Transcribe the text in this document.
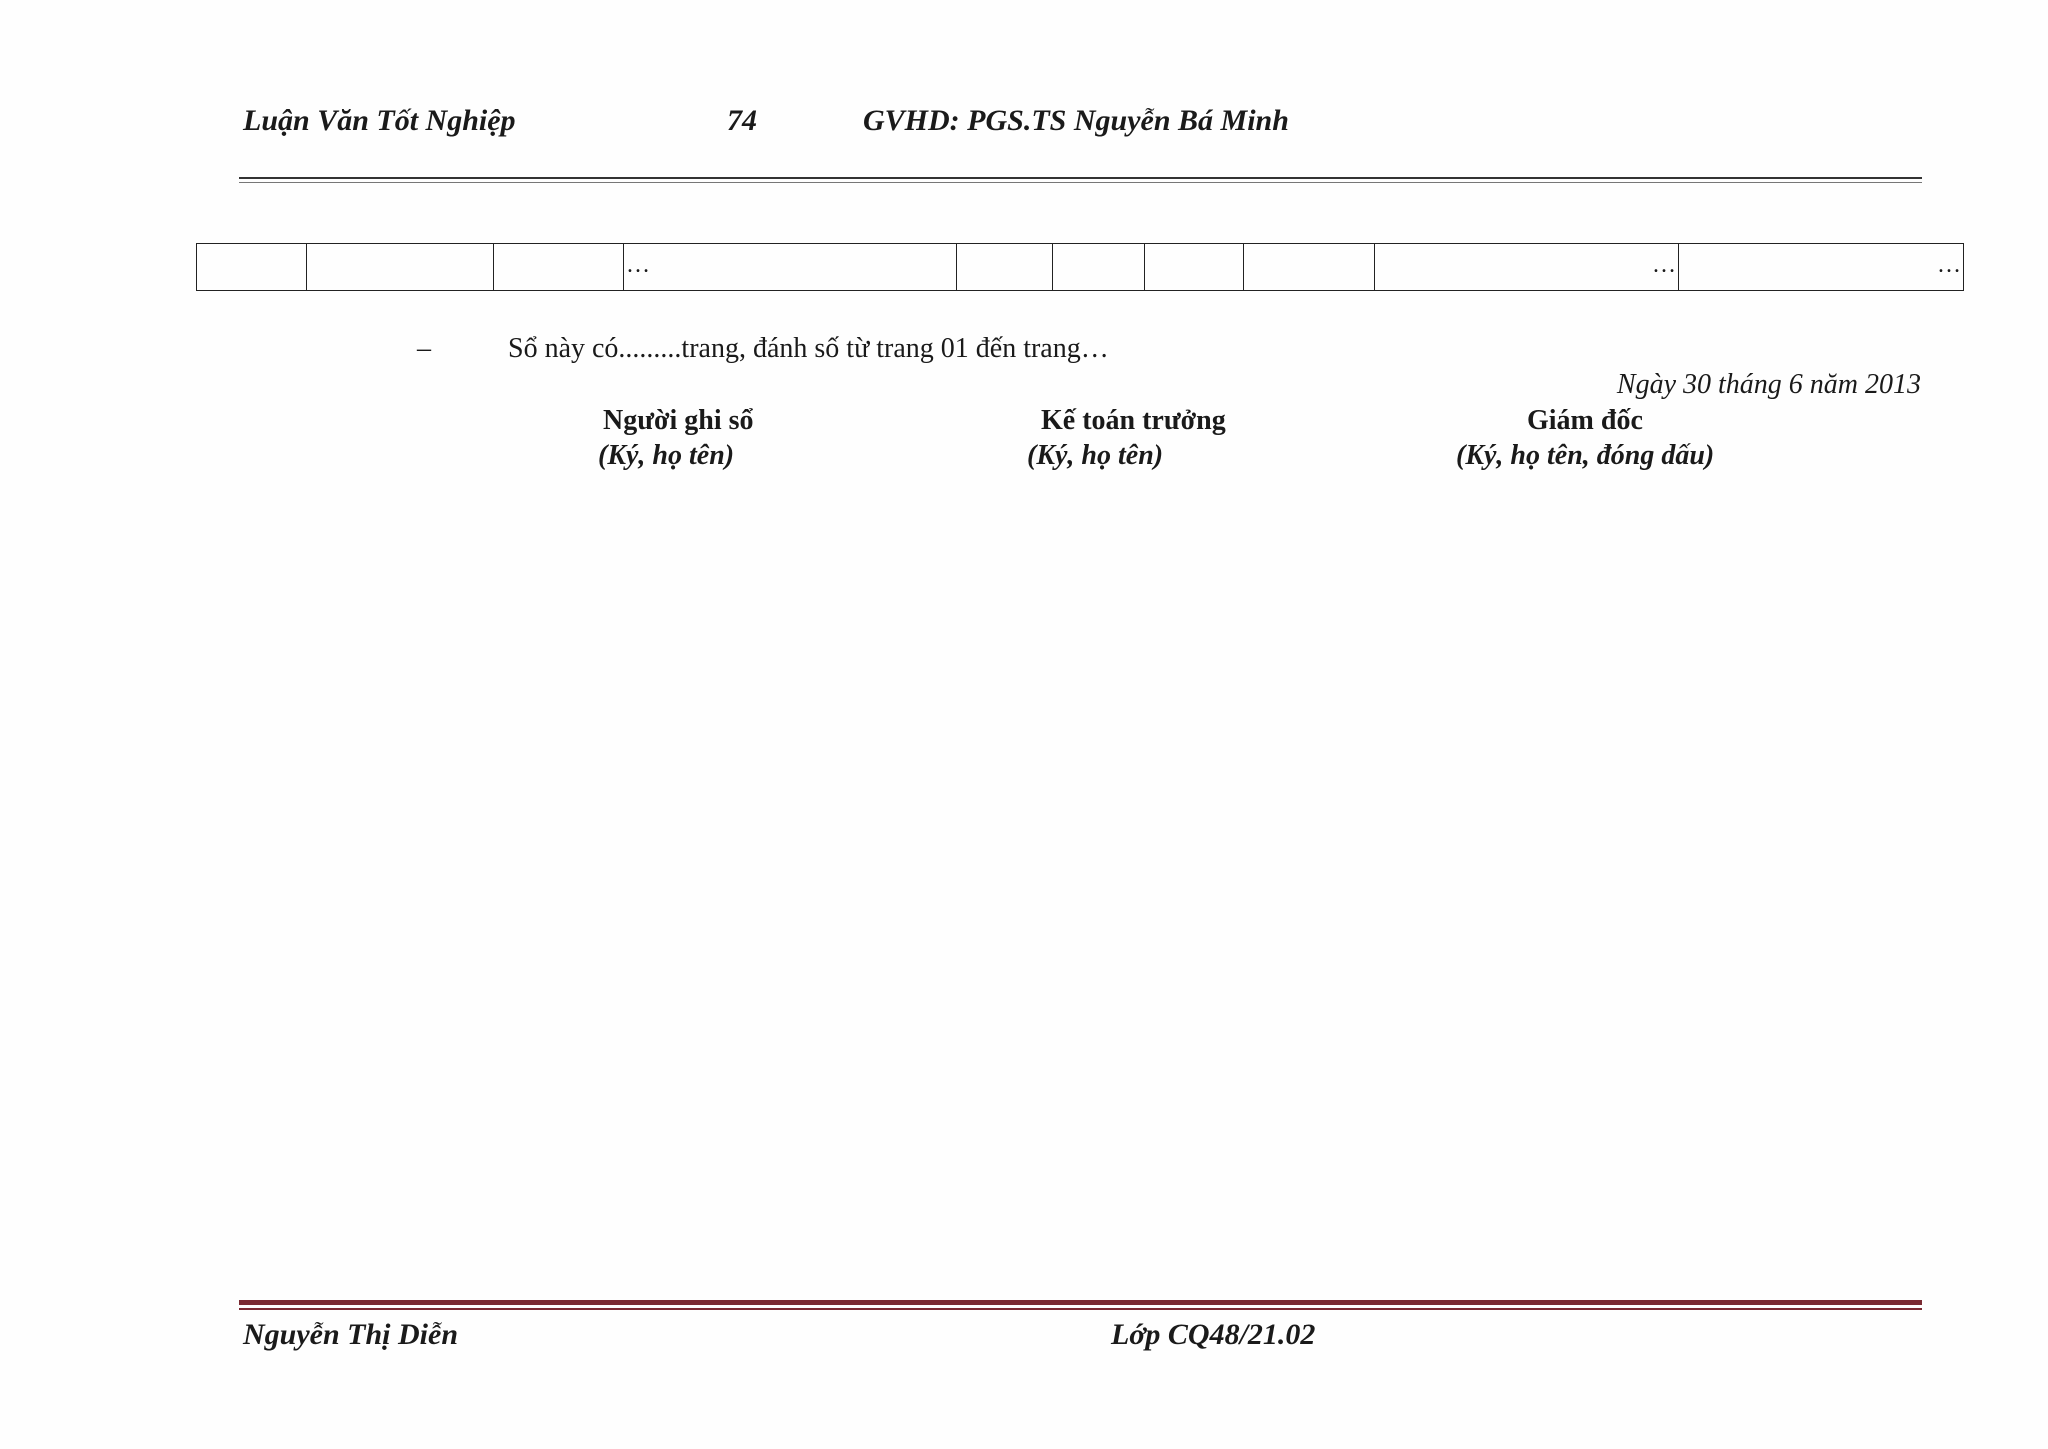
Luận Văn Tốt Nghiệp	74	GVHD: PGS.TS Nguyễn Bá Minh
			…					…	…
–	Sổ này có.........trang, đánh số từ trang 01 đến trang…
Ngày 30 tháng 6 năm 2013
Người ghi sổ
(Ký, họ tên)
Kế toán trưởng
(Ký, họ tên)
Giám đốc
(Ký, họ tên, đóng dấu)
Nguyễn Thị Diễn	Lớp CQ48/21.02
